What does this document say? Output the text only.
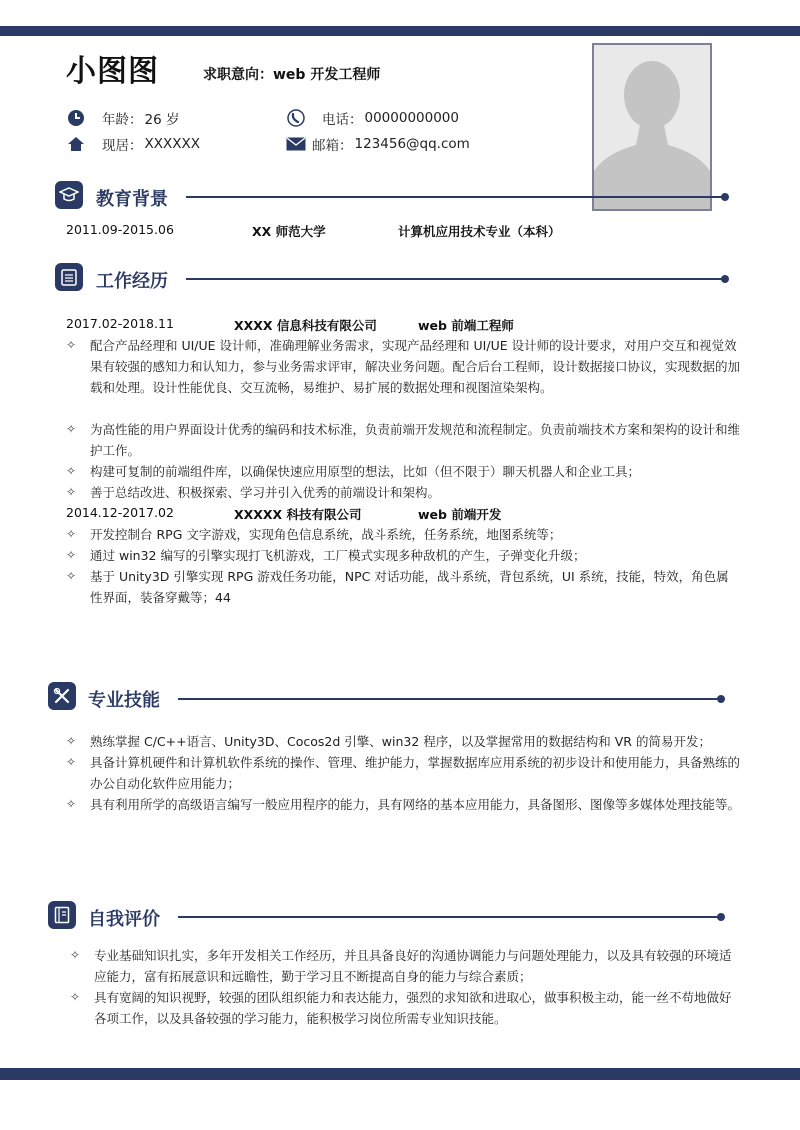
小图图	求职意向：web 开发工程师
年龄： 26 岁
现居： XXXXXX
电话： 00000000000
邮箱： 123456@qq.com
教育背景
2011.09-2015.06	XX 师范大学	计算机应用技术专业（本科）
工作经历
2017.02-2018.11	XXXX 信息科技有限公司	web 前端工程师
✧ 配合产品经理和 UI/UE 设计师，准确理解业务需求，实现产品经理和 UI/UE 设计师的设计要求，对用户交互和视觉效果有较强的感知力和认知力，参与业务需求评审，解决业务问题。配合后台工程师，设计数据接口协议，实现数据的加载和处理。设计性能优良、交互流畅，易维护、易扩展的数据处理和视图渲染架构。
✧ 为高性能的用户界面设计优秀的编码和技术标准，负责前端开发规范和流程制定。负责前端技术方案和架构的设计和维护工作。
✧ 构建可复制的前端组件库，以确保快速应用原型的想法，比如（但不限于）聊天机器人和企业工具；
✧ 善于总结改进、积极探索、学习并引入优秀的前端设计和架构。
2014.12-2017.02	XXXXX 科技有限公司	web 前端开发
✧ 开发控制台 RPG 文字游戏，实现角色信息系统，战斗系统，任务系统，地图系统等；
✧ 通过 win32 编写的引擎实现打飞机游戏，工厂模式实现多种敌机的产生，子弹变化升级；
✧ 基于 Unity3D 引擎实现 RPG 游戏任务功能，NPC 对话功能，战斗系统，背包系统，UI 系统，技能，特效，角色属性界面，装备穿戴等；44
专业技能
✧ 熟练掌握 C/C++语言、Unity3D、Cocos2d 引擎、win32 程序，以及掌握常用的数据结构和 VR 的简易开发；
✧ 具备计算机硬件和计算机软件系统的操作、管理、维护能力，掌握数据库应用系统的初步设计和使用能力，具备熟练的办公自动化软件应用能力；
✧ 具有利用所学的高级语言编写一般应用程序的能力，具有网络的基本应用能力，具备图形、图像等多媒体处理技能等。
自我评价
✧ 专业基础知识扎实，多年开发相关工作经历，并且具备良好的沟通协调能力与问题处理能力，以及具有较强的环境适应能力，富有拓展意识和远瞻性，勤于学习且不断提高自身的能力与综合素质；
✧ 具有宽阔的知识视野，较强的团队组织能力和表达能力，强烈的求知欲和进取心，做事积极主动，能一丝不苟地做好各项工作，以及具备较强的学习能力，能积极学习岗位所需专业知识技能。
